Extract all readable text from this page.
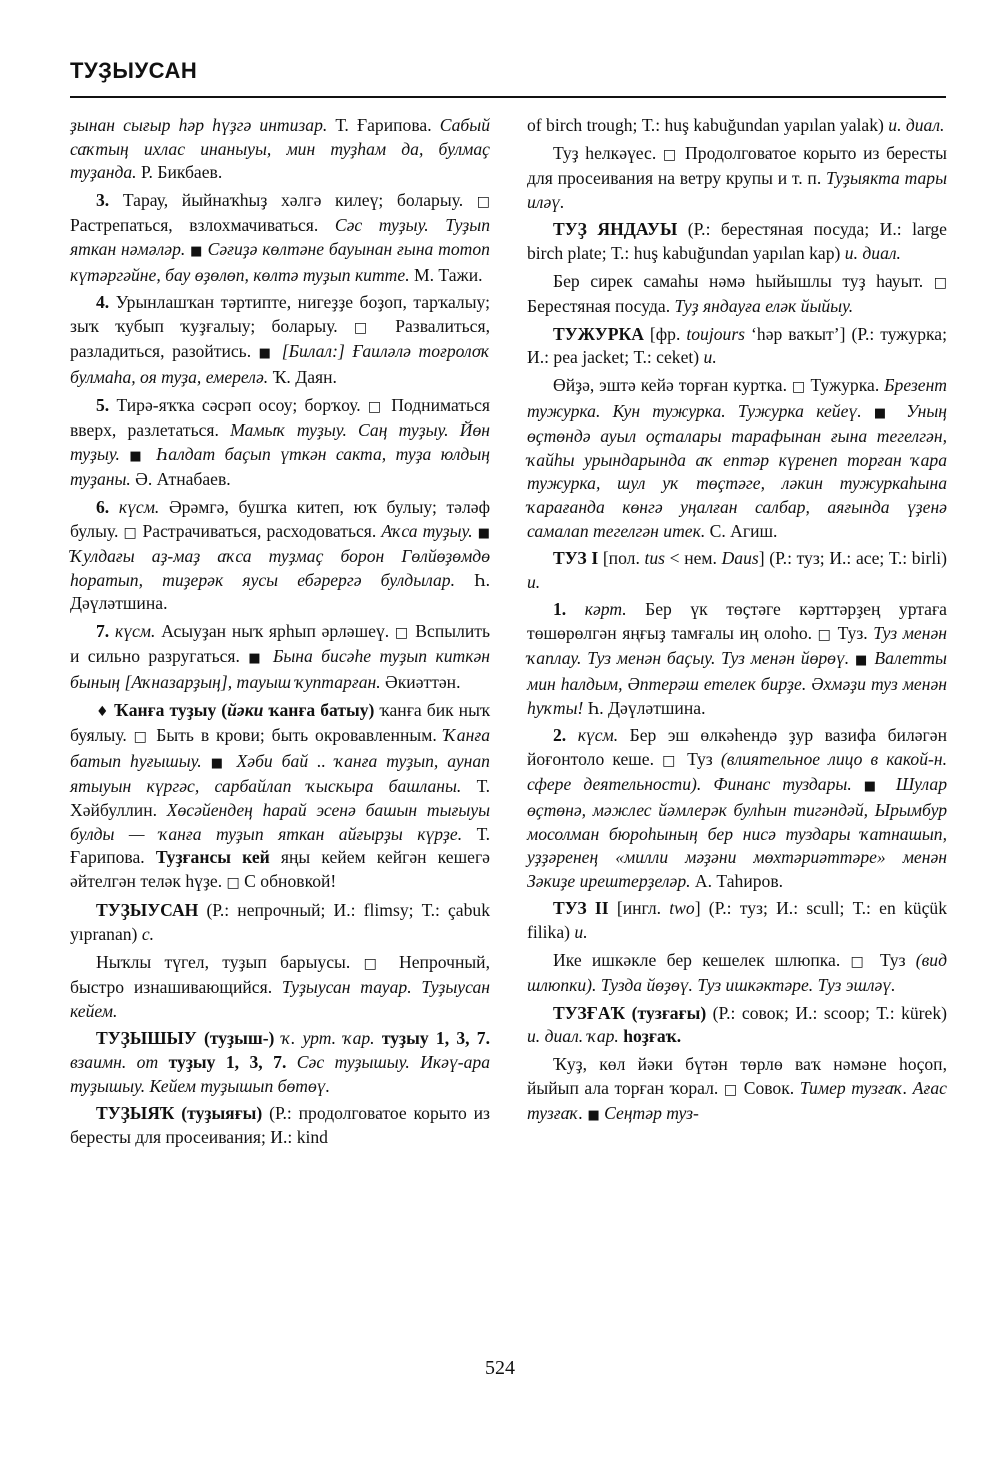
ТУҘЫУСАН

ҙынан сығыр һәр һүҙгә интизар. Т. Ғарипова. Сабый саҡтың ихлас инаныуы, мин туҙһам да, булмаҫ туҙанда. Р. Бикбаев.

3. Тарау, йыйнаҡһыҙ хәлгә килеү; боларыу. □ Растрепаться, взлохмачиваться. Сәс туҙыу. Туҙып яткан нәмәләр. ■ Сәғиҙә көлтәне бауынан ғына тотоп күтәргәйне, бау өҙөлөп, көлтә туҙып китте. М. Тажи.

4. Урынлашҡан тәртипте, нигеҙҙе боҙоп, тарҡалыу; зыҡ ҡубып ҡуҙғалыу; боларыу. □ Развалиться, разладиться, разойтись. ■ [Билал:] Ғаиләлә тоғролоҡ булмаһа, оя туҙа, емерелә. Ҡ. Даян.

5. Тирә-яҡҡа сәсрәп осоу; борҡоу. □ Подниматься вверх, разлетаться. Мамыҡ туҙыу. Саң туҙыу. Йөн туҙыу. ■ Һалдат баҫып үткән сакта, туҙа юлдың туҙаны. Ә. Атнабаев.

6. күсм. Әрәмгә, бушҡа китеп, юҡ булыу; тәләф булыу. □ Растрачиваться, расходоваться. Аҡса туҙыу. ■ Ҡулдағы аҙ-маҙ аҡса туҙмаҫ борон Гөлйөҙөмдө һоратып, тиҙерәк яусы ебәрергә булдылар. Һ. Дәүләтшина.

7. күсм. Асыуҙан ныҡ ярһып әрләшеү. □ Вспылить и сильно разругаться. ■ Бына бисәһе туҙып киткән бының [Аҡназарҙың], тауыш ҡуптарған. Әкиәттән.

♦ Ҡанға туҙыу (йәки ҡанға батыу) ҡанға бик ныҡ буялыу. □ Быть в крови; быть окровавленным. Ҡанға батып һуғышыу. ■ Хәби бай .. ҡанға туҙып, аунап ятыуын күргәс, сарбайлап ҡыскыра башланы. Т. Хәйбуллин. Хөсәйендең һарай эсенә башын тығыуы булды — ҡанға туҙып яткан айғырҙы күрҙе. Т. Ғарипова. Туҙғансы кей яңы кейем кейгән кешегә әйтелгән теләк һүҙе. □ С обновкой!

ТУҘЫУСАН (Р.: непрочный; И.: flimsy; Т.: çabuk yıpranan) с.

Ныҡлы түгел, туҙып барыусы. □ Непрочный, быстро изнашивающийся. Туҙыусан тауар. Туҙыусан кейем.

ТУҘЫШЫУ (туҙыш-) ҡ. урт. ҡар. туҙыу 1, 3, 7. взаимн. от туҙыу 1, 3, 7. Сәс туҙышыу. Икәү-ара туҙышыу. Кейем туҙышып бөтөү.

ТУҘЫЯҠ (туҙыяғы) (Р.: продолговатое корыто из бересты для просеивания; И.: kind

of birch trough; Т.: huş kabuğundan yapılan yalak) и. диал.

Туҙ һелкәүес. □ Продолговатое корыто из бересты для просеивания на ветру крупы и т. п. Туҙыякта тары иләү.

ТУҘ ЯНДАУЫ (Р.: берестяная посуда; И.: large birch plate; Т.: huş kabuğundan yapılan kap) и. диал.

Бер сирек самаһы нәмә һыйышлы туҙ һауыт. □ Берестяная посуда. Туҙ яндауға еләк йыйыу.

ТУЖУРКА [фр. toujours ‘һәр ваҡыт’] (Р.: тужурка; И.: pea jacket; Т.: ceket) и.

Өйҙә, эштә кейә торған куртка. □ Тужурка. Брезент тужурка. Кун тужурка. Тужурка кейеү. ■ Уның өҫтөндә ауыл оҫталары тарафынан ғына тегелгән, ҡайһы урындарында аҡ ептәр күренеп торған ҡара тужурка, шул уҡ төҫтәге, ләкин тужуркаһына ҡарағанда көнгә уңалған салбар, аяғында үҙенә самалап тегелгән итек. С. Агиш.

ТУЗ I [пол. tus < нем. Daus] (Р.: туз; И.: ace; Т.: birli) и.

1. кәрт. Бер үк төҫтәге кәрттәрҙең уртаға төшөрөлгән яңғыҙ тамғалы иң олоһо. □ Туз. Туз менән ҡаплау. Туз менән баҫыу. Туз менән йөрөү. ■ Валетты мин һалдым, Әптерәш етелек бирҙе. Әхмәҙи туз менән һуҡты! Һ. Дәүләтшина.

2. күсм. Бер эш өлкәһендә ҙур вазифа биләгән йоғонтоло кеше. □ Туз (влиятельное лицо в какой-н. сфере деятельности). Финанс туздары. ■ Шулар өҫтөнә, мәжлес йәмлерәк булһын тигәндәй, Ырымбур мосолман бюроһының бер нисә туздары ҡатнашып, уҙҙәренең «милли мәҙәни мөхтәриәттәре» менән Зәкиҙе ирештерҙеләр. А. Таһиров.

ТУЗ II [ингл. two] (Р.: туз; И.: scull; Т.: en küçük filika) и.

Ике ишкәкле бер кешелек шлюпка. □ Туз (вид шлюпки). Тузда йөҙөү. Туз ишкәктәре. Туз эшләү.

ТУЗҒАҠ (тузғағы) (Р.: совок; И.: scoop; Т.: kürek) и. диал. ҡар. һоҙғаҡ.

Ҡуҙ, көл йәки бүтән төрлө ваҡ нәмәне һоҫоп, йыйып ала торған ҡорал. □ Совок. Тимер тузғаҡ. Ағас тузғаҡ. ■ Сеңтәр туз-

524
